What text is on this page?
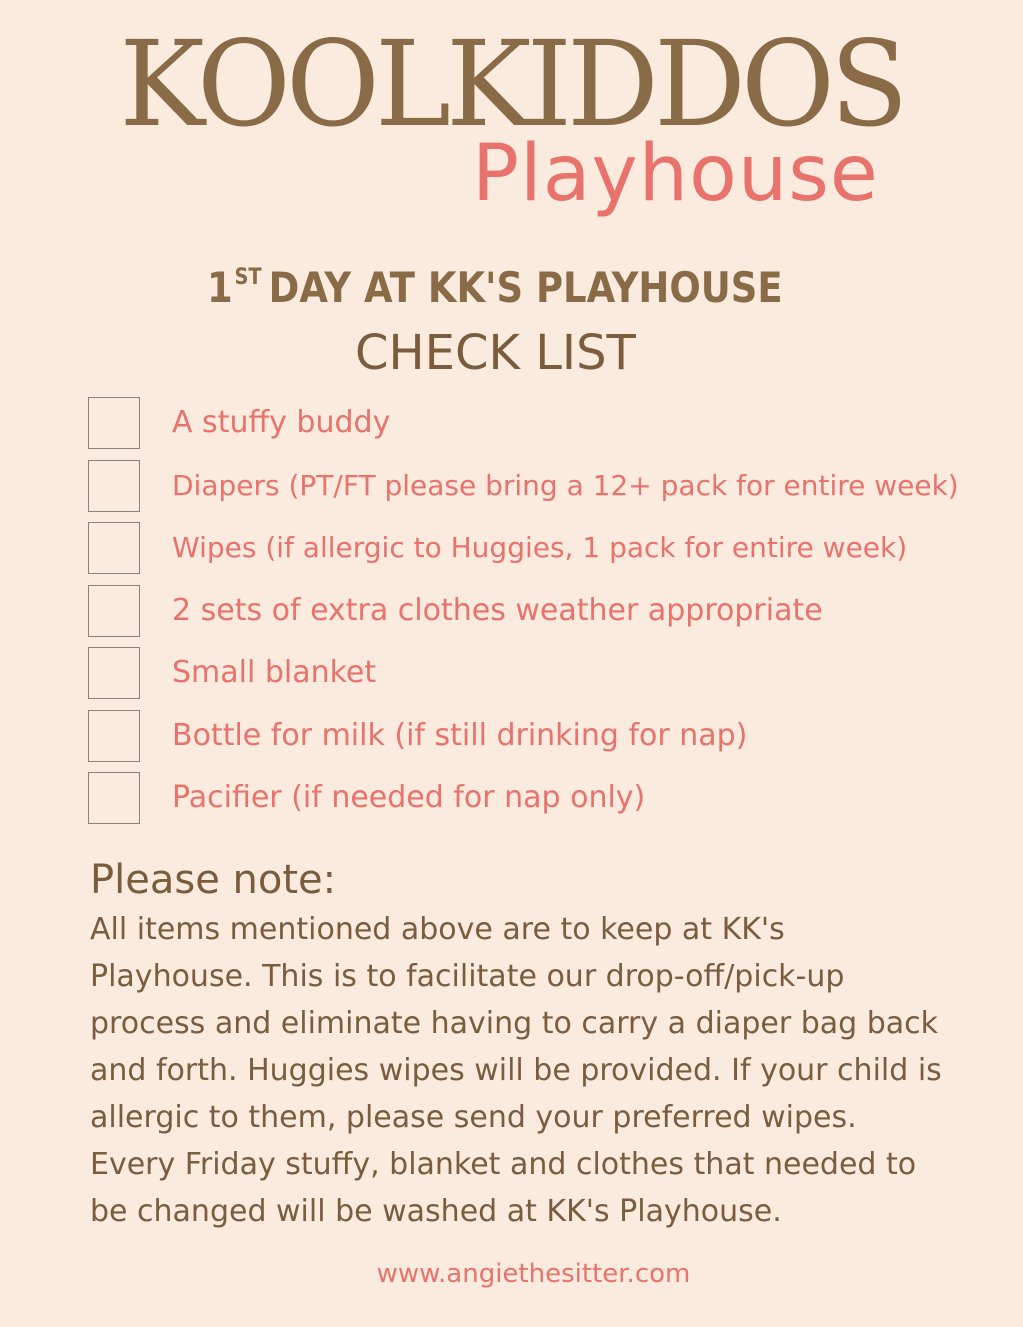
KOOLKIDDOS
Playhouse
1ST DAY AT KK'S PLAYHOUSE
CHECK LIST
A stuffy buddy
Diapers (PT/FT please bring a 12+ pack for entire week)
Wipes (if allergic to Huggies, 1 pack for entire week)
2 sets of extra clothes weather appropriate
Small blanket
Bottle for milk (if still drinking for nap)
Pacifier (if needed for nap only)
Please note:
All items mentioned above are to keep at KK's
Playhouse. This is to facilitate our drop-off/pick-up
process and eliminate having to carry a diaper bag back
and forth. Huggies wipes will be provided. If your child is
allergic to them, please send your preferred wipes.
Every Friday stuffy, blanket and clothes that needed to
be changed will be washed at KK's Playhouse.
www.angiethesitter.com
